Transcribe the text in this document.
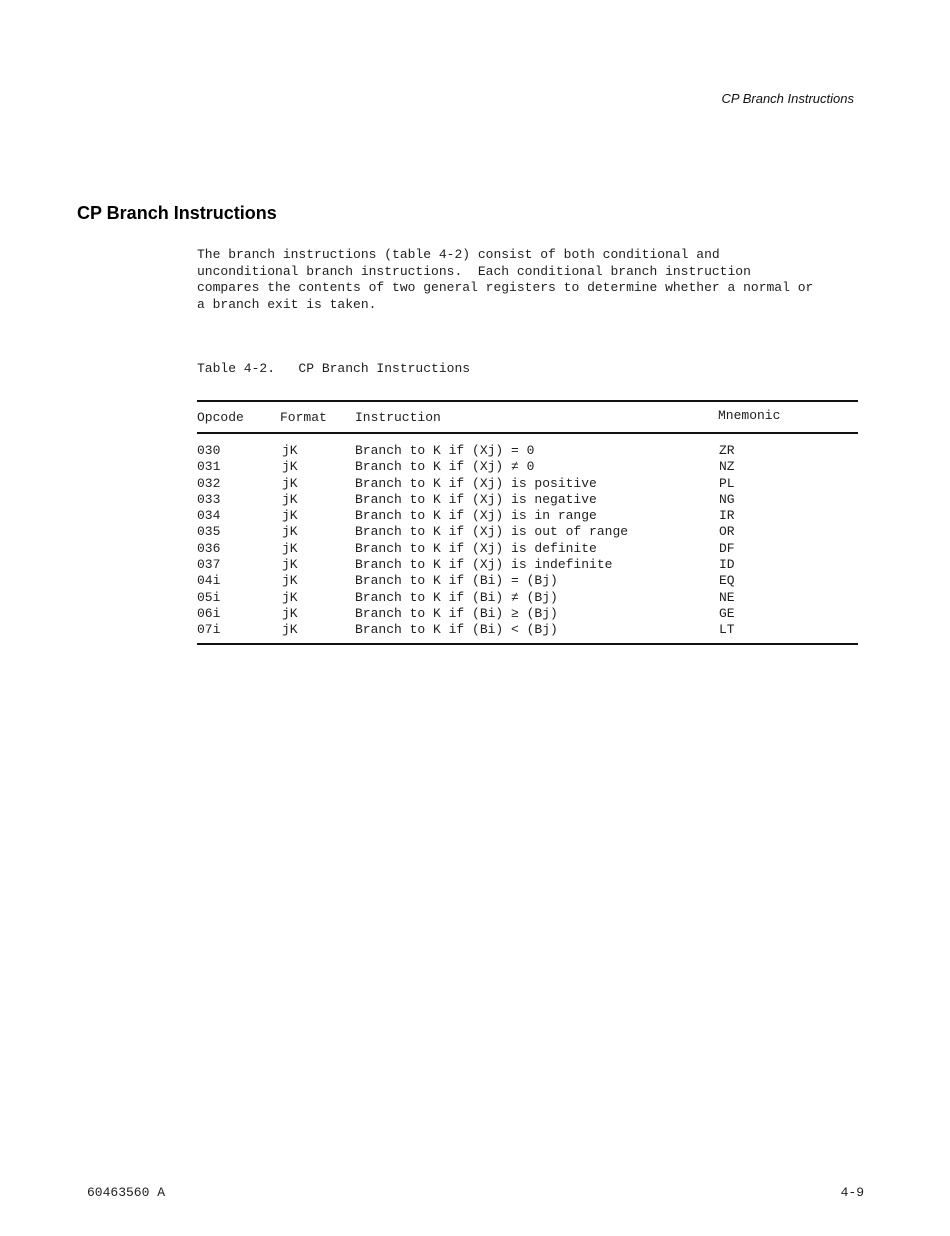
CP Branch Instructions
CP Branch Instructions
The branch instructions (table 4-2) consist of both conditional and
unconditional branch instructions.  Each conditional branch instruction
compares the contents of two general registers to determine whether a normal or
a branch exit is taken.
Table 4-2.   CP Branch Instructions
Opcode	Format Instruction	Mnemonic
030	jK	Branch to K if (Xj) = 0	ZR
031	jK	Branch to K if (Xj) ≠ 0	NZ
032	jK	Branch to K if (Xj) is positive	PL
033	jK	Branch to K if (Xj) is negative	NG
034	jK	Branch to K if (Xj) is in range	IR
035	jK	Branch to K if (Xj) is out of range	OR
036	jK	Branch to K if (Xj) is definite	DF
037	jK	Branch to K if (Xj) is indefinite	ID
04i	jK	Branch to K if (Bi) = (Bj)	EQ
05i	jK	Branch to K if (Bi) ≠ (Bj)	NE
06i	jK	Branch to K if (Bi) ≥ (Bj)	GE
07i	jK	Branch to K if (Bi) < (Bj)	LT
60463560 A	4-9
